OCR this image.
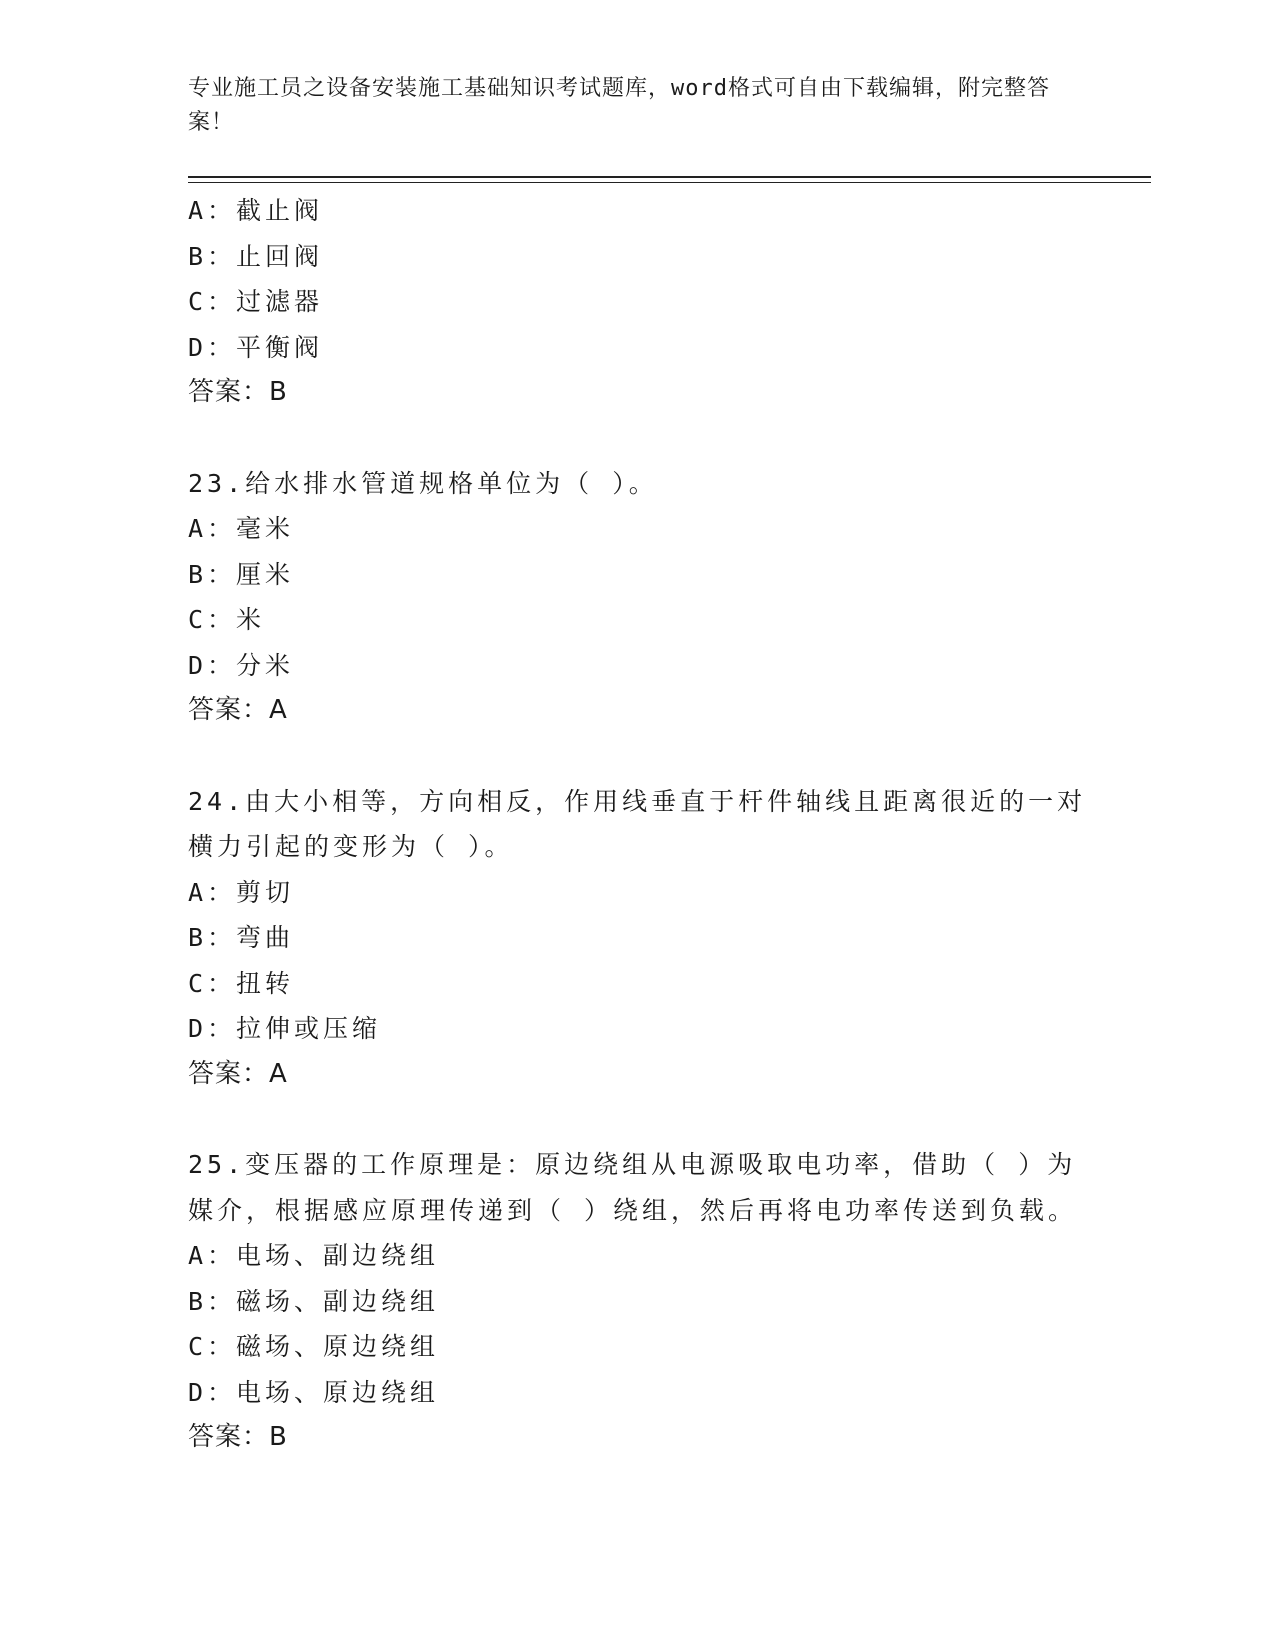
专业施工员之设备安装施工基础知识考试题库，word格式可自由下载编辑，附完整答案！
A：截止阀
B：止回阀
C：过滤器
D：平衡阀
答案：B
23.给水排水管道规格单位为（ ）。
A：毫米
B：厘米
C：米
D：分米
答案：A
24.由大小相等，方向相反，作用线垂直于杆件轴线且距离很近的一对横力引起的变形为（ ）。
A：剪切
B：弯曲
C：扭转
D：拉伸或压缩
答案：A
25.变压器的工作原理是：原边绕组从电源吸取电功率，借助（ ）为媒介，根据感应原理传递到（ ）绕组，然后再将电功率传送到负载。
A：电场、副边绕组
B：磁场、副边绕组
C：磁场、原边绕组
D：电场、原边绕组
答案：B
